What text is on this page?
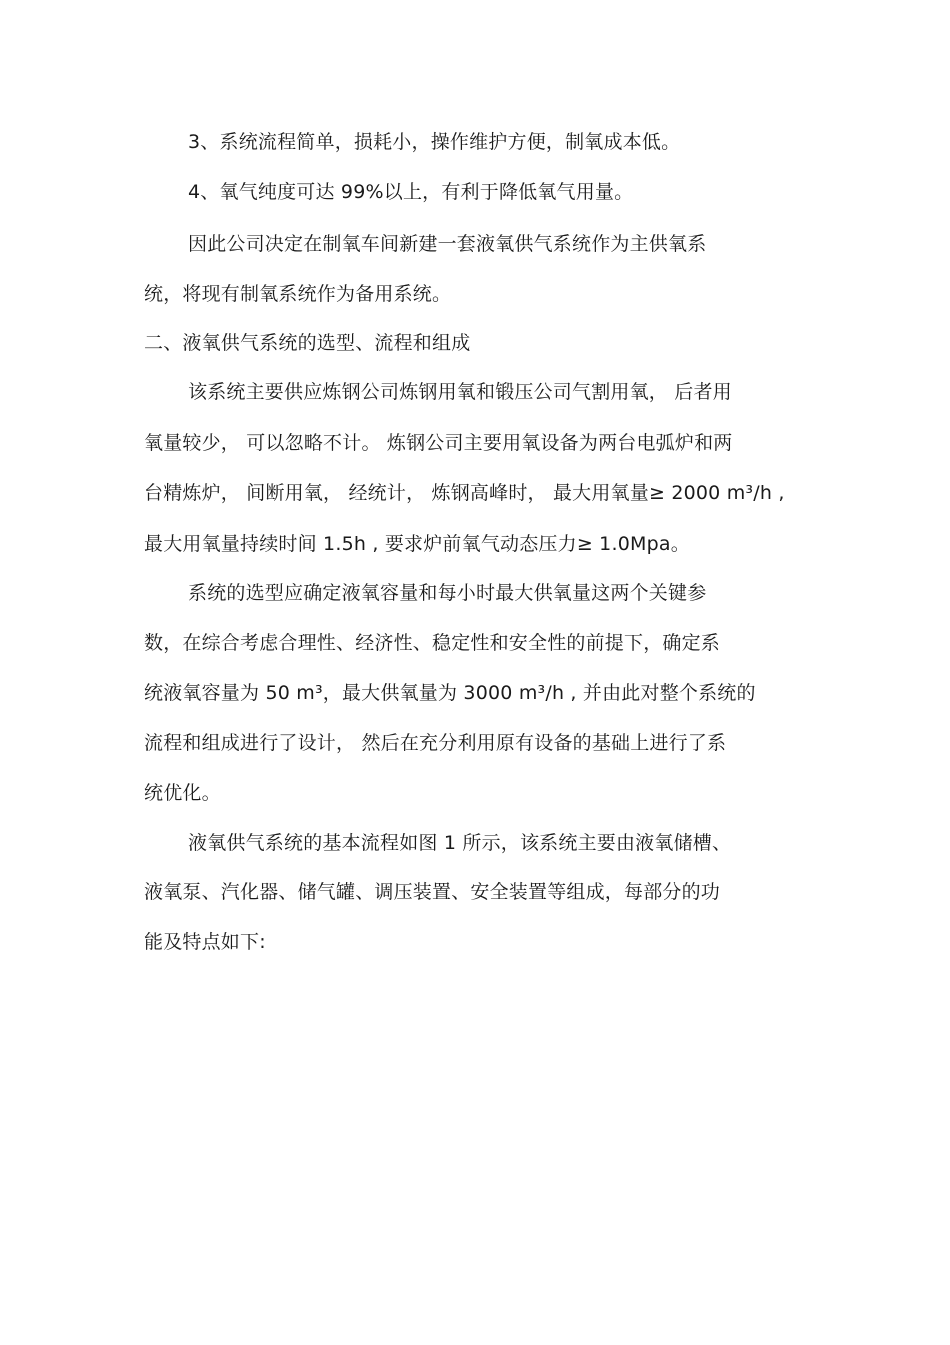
3、系统流程简单，损耗小，操作维护方便，制氧成本低。
4、氧气纯度可达 99%以上，有利于降低氧气用量。
因此公司决定在制氧车间新建一套液氧供气系统作为主供氧系
统，将现有制氧系统作为备用系统。
二、液氧供气系统的选型、流程和组成
该系统主要供应炼钢公司炼钢用氧和锻压公司气割用氧， 后者用
氧量较少， 可以忽略不计。 炼钢公司主要用氧设备为两台电弧炉和两
台精炼炉， 间断用氧， 经统计， 炼钢高峰时， 最大用氧量≥ 2000 m³/h ,
最大用氧量持续时间 1.5h , 要求炉前氧气动态压力≥ 1.0Mpa。
系统的选型应确定液氧容量和每小时最大供氧量这两个关键参
数，在综合考虑合理性、经济性、稳定性和安全性的前提下，确定系
统液氧容量为 50 m³，最大供氧量为 3000 m³/h , 并由此对整个系统的
流程和组成进行了设计， 然后在充分利用原有设备的基础上进行了系
统优化。
液氧供气系统的基本流程如图 1 所示，该系统主要由液氧储槽、
液氧泵、汽化器、储气罐、调压装置、安全装置等组成，每部分的功
能及特点如下:
